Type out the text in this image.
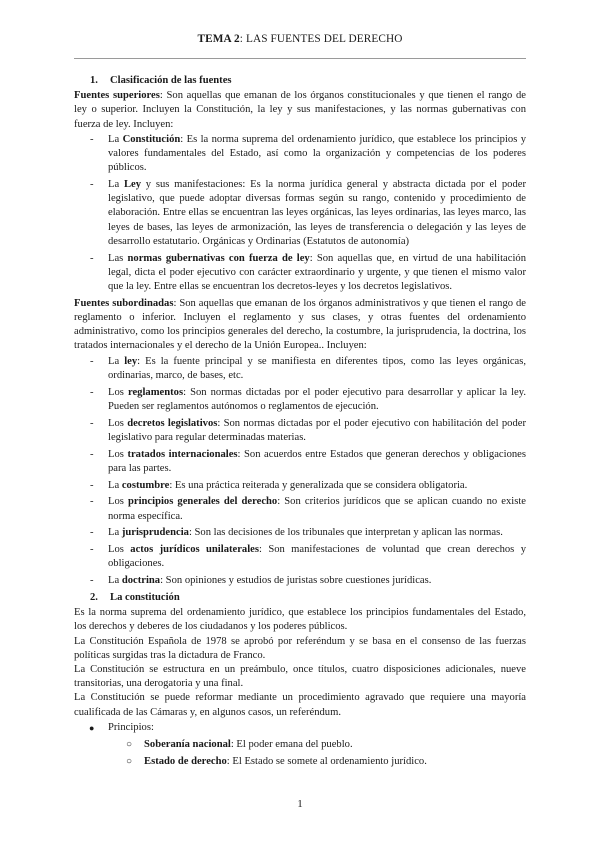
TEMA 2: LAS FUENTES DEL DERECHO
1. Clasificación de las fuentes

Fuentes superiores: Son aquellas que emanan de los órganos constitucionales y que tienen el rango de ley o superior. Incluyen la Constitución, la ley y sus manifestaciones, y las normas gubernativas con fuerza de ley. Incluyen:

- La Constitución: Es la norma suprema del ordenamiento jurídico, que establece los principios y valores fundamentales del Estado, así como la organización y competencias de los poderes públicos.
- La Ley y sus manifestaciones: Es la norma jurídica general y abstracta dictada por el poder legislativo, que puede adoptar diversas formas según su rango, contenido y procedimiento de elaboración. Entre ellas se encuentran las leyes orgánicas, las leyes ordinarias, las leyes marco, las leyes de bases, las leyes de armonización, las leyes de transferencia o delegación y las leyes de desarrollo estatutario. Orgánicas y Ordinarias (Estatutos de autonomía)
- Las normas gubernativas con fuerza de ley: Son aquellas que, en virtud de una habilitación legal, dicta el poder ejecutivo con carácter extraordinario y urgente, y que tienen el mismo valor que la ley. Entre ellas se encuentran los decretos-leyes y los decretos legislativos.

Fuentes subordinadas: Son aquellas que emanan de los órganos administrativos y que tienen el rango de reglamento o inferior. Incluyen el reglamento y sus clases, y otras fuentes del ordenamiento administrativo, como los principios generales del derecho, la costumbre, la jurisprudencia, la doctrina, los tratados internacionales y el derecho de la Unión Europea.. Incluyen:

- La ley: Es la fuente principal y se manifiesta en diferentes tipos, como las leyes orgánicas, ordinarias, marco, de bases, etc.
- Los reglamentos: Son normas dictadas por el poder ejecutivo para desarrollar y aplicar la ley. Pueden ser reglamentos autónomos o reglamentos de ejecución.
- Los decretos legislativos: Son normas dictadas por el poder ejecutivo con habilitación del poder legislativo para regular determinadas materias.
- Los tratados internacionales: Son acuerdos entre Estados que generan derechos y obligaciones para las partes.
- La costumbre: Es una práctica reiterada y generalizada que se considera obligatoria.
- Los principios generales del derecho: Son criterios jurídicos que se aplican cuando no existe norma específica.
- La jurisprudencia: Son las decisiones de los tribunales que interpretan y aplican las normas.
- Los actos jurídicos unilaterales: Son manifestaciones de voluntad que crean derechos y obligaciones.
- La doctrina: Son opiniones y estudios de juristas sobre cuestiones jurídicas.
2. La constitución

Es la norma suprema del ordenamiento jurídico, que establece los principios fundamentales del Estado, los derechos y deberes de los ciudadanos y los poderes públicos.

La Constitución Española de 1978 se aprobó por referéndum y se basa en el consenso de las fuerzas políticas surgidas tras la dictadura de Franco.

La Constitución se estructura en un preámbulo, once títulos, cuatro disposiciones adicionales, nueve transitorias, una derogatoria y una final.

La Constitución se puede reformar mediante un procedimiento agravado que requiere una mayoría cualificada de las Cámaras y, en algunos casos, un referéndum.

● Principios:
○ Soberanía nacional: El poder emana del pueblo.
○ Estado de derecho: El Estado se somete al ordenamiento jurídico.
1
